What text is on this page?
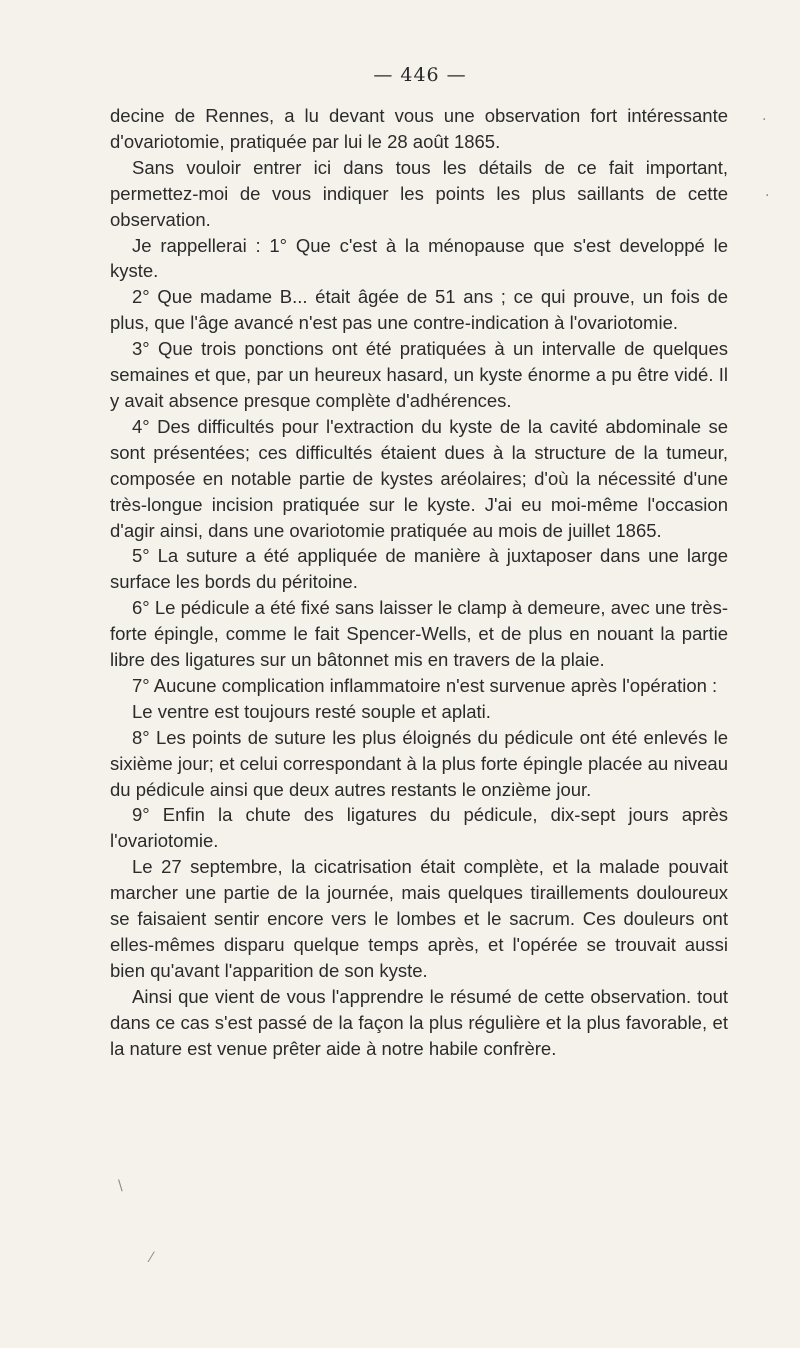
— 446 —

decine de Rennes, a lu devant vous une observation fort intéressante d'ovariotomie, pratiquée par lui le 28 août 1865.

Sans vouloir entrer ici dans tous les détails de ce fait important, permettez-moi de vous indiquer les points les plus saillants de cette observation.

Je rappellerai : 1° Que c'est à la ménopause que s'est developpé le kyste.

2° Que madame B... était âgée de 51 ans ; ce qui prouve, un fois de plus, que l'âge avancé n'est pas une contre-indication à l'ovariotomie.

3° Que trois ponctions ont été pratiquées à un intervalle de quelques semaines et que, par un heureux hasard, un kyste énorme a pu être vidé. Il y avait absence presque complète d'adhérences.

4° Des difficultés pour l'extraction du kyste de la cavité abdominale se sont présentées; ces difficultés étaient dues à la structure de la tumeur, composée en notable partie de kystes aréolaires; d'où la nécessité d'une très-longue incision pratiquée sur le kyste. J'ai eu moi-même l'occasion d'agir ainsi, dans une ovariotomie pratiquée au mois de juillet 1865.

5° La suture a été appliquée de manière à juxtaposer dans une large surface les bords du péritoine.

6° Le pédicule a été fixé sans laisser le clamp à demeure, avec une très-forte épingle, comme le fait Spencer-Wells, et de plus en nouant la partie libre des ligatures sur un bâtonnet mis en travers de la plaie.

7° Aucune complication inflammatoire n'est survenue après l'opération :

Le ventre est toujours resté souple et aplati.

8° Les points de suture les plus éloignés du pédicule ont été enlevés le sixième jour; et celui correspondant à la plus forte épingle placée au niveau du pédicule ainsi que deux autres restants le onzième jour.

9° Enfin la chute des ligatures du pédicule, dix-sept jours après l'ovariotomie.

Le 27 septembre, la cicatrisation était complète, et la malade pouvait marcher une partie de la journée, mais quelques tiraillements douloureux se faisaient sentir encore vers le lombes et le sacrum. Ces douleurs ont elles-mêmes disparu quelque temps après, et l'opérée se trouvait aussi bien qu'avant l'apparition de son kyste.

Ainsi que vient de vous l'apprendre le résumé de cette observation. tout dans ce cas s'est passé de la façon la plus régulière et la plus favorable, et la nature est venue prêter aide à notre habile confrère.

·
·
\
⁄
